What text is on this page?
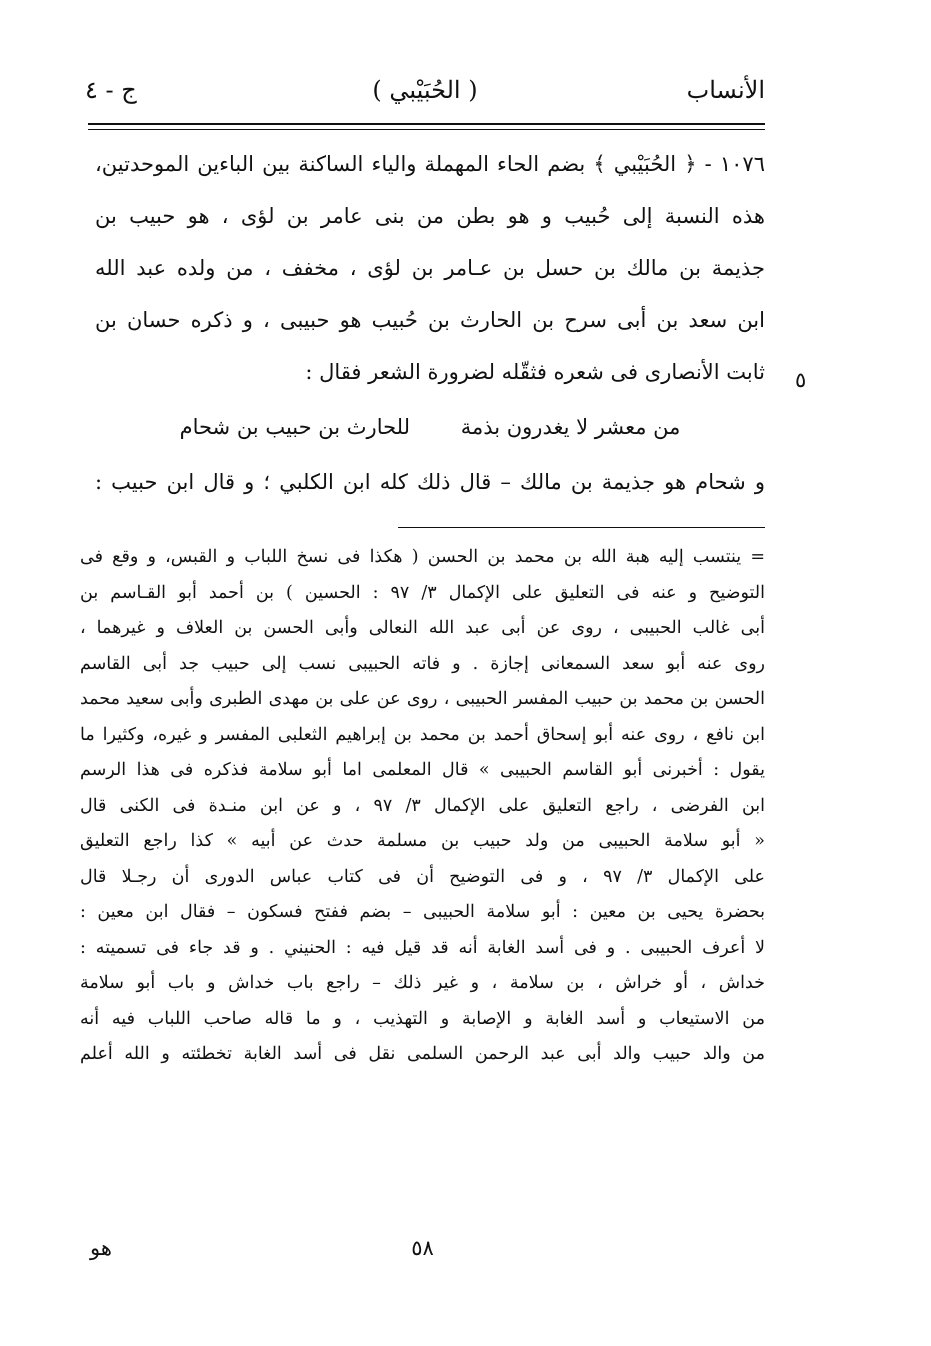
الأنساب
( الحُبَيْبي )
ج - ٤
١٠٧٦ - ﴿ الحُبَيْبي ﴾ بضم الحاء المهملة والياء الساكنة بين الباءين الموحدتين،
هذه النسبة إلى حُبيب و هو بطن من بنى عامر بن لؤى ، هو حبيب بن
جذيمة بن مالك بن حسل بن عـامر بن لؤى ، مخفف ، من ولده عبد الله
ابن سعد بن أبى سرح بن الحارث بن حُبيب هو حبيبى ، و ذكره حسان بن
ثابت الأنصارى فى شعره فثقّله لضرورة الشعر فقال :
من معشر لا يغدرون بذمة للحارث بن حبيب بن شحام
و شحام هو جذيمة بن مالك – قال ذلك كله ابن الكلبي ؛ و قال ابن حبيب :
٥
= ينتسب إليه هبة الله بن محمد بن الحسن ( هكذا فى نسخ اللباب و القبس، و وقع فى
التوضيح و عنه فى التعليق على الإكمال ٣/ ٩٧ : الحسين ) بن أحمد أبو القـاسم بن
أبى غالب الحبيبى ، روى عن أبى عبد الله النعالى وأبى الحسن بن العلاف و غيرهما ،
روى عنه أبو سعد السمعانى إجازة . و فاته الحبيبى نسب إلى حبيب جد أبى القاسم
الحسن بن محمد بن حبيب المفسر الحبيبى ، روى عن على بن مهدى الطبرى وأبى سعيد محمد
ابن نافع ، روى عنه أبو إسحاق أحمد بن محمد بن إبراهيم الثعلبى المفسر و غيره، وكثيرا ما
يقول : أخبرنى أبو القاسم الحبيبى » قال المعلمى اما أبو سلامة فذكره فى هذا الرسم
ابن الفرضى ، راجع التعليق على الإكمال ٣/ ٩٧ ، و عن ابن منـدة فى الكنى قال
« أبو سلامة الحبيبى من ولد حبيب بن مسلمة حدث عن أبيه » كذا راجع التعليق
على الإكمال ٣/ ٩٧ ، و فى التوضيح أن فى كتاب عباس الدورى أن رجـلا قال
بحضرة يحيى بن معين : أبو سلامة الحبيبى – بضم ففتح فسكون – فقال ابن معين :
لا أعرف الحبيبى . و فى أسد الغابة أنه قد قيل فيه : الحنيني . و قد جاء فى تسميته :
خداش ، أو خراش ، بن سلامة ، و غير ذلك – راجع باب خداش و باب أبو سلامة
من الاستيعاب و أسد الغابة و الإصابة و التهذيب ، و ما قاله صاحب اللباب فيه أنه
من والد حبيب والد أبى عبد الرحمن السلمى نقل فى أسد الغابة تخطئته و الله أعلم
٥٨
هو
